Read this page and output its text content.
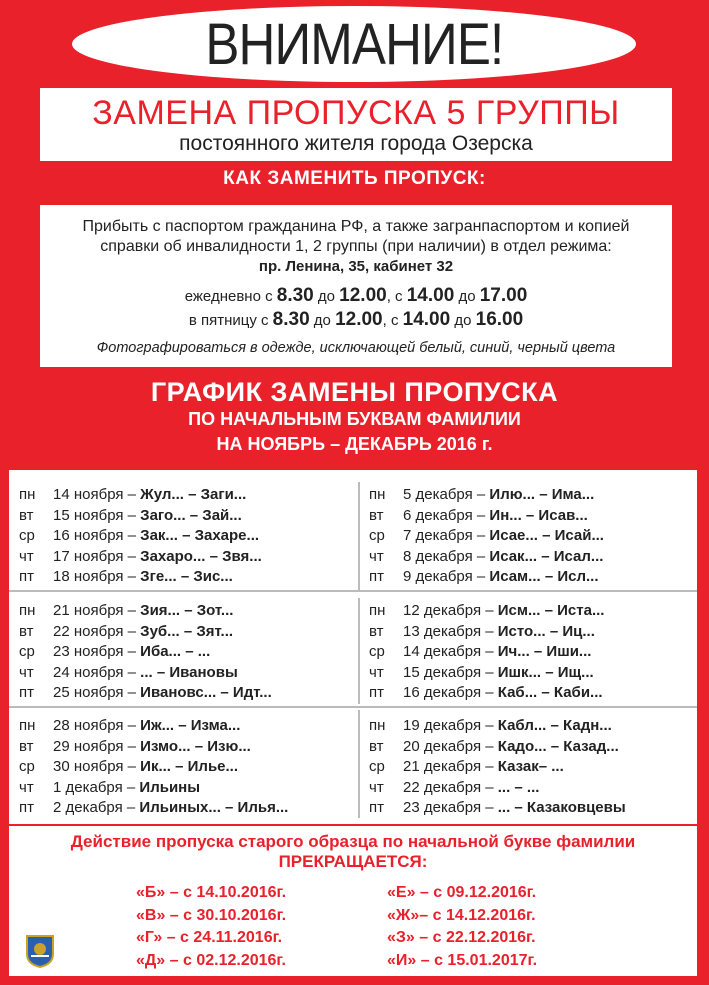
ВНИМАНИЕ!
ЗАМЕНА ПРОПУСКА 5 ГРУППЫ
постоянного жителя города Озерска
КАК ЗАМЕНИТЬ ПРОПУСК:
Прибыть с паспортом гражданина РФ, а также загранпаспортом и копией
справки об инвалидности 1, 2 группы (при наличии) в отдел режима:
пр. Ленина, 35, кабинет 32
ежедневно с 8.30 до 12.00, с 14.00 до 17.00
в пятницу с 8.30 до 12.00, с 14.00 до 16.00
Фотографироваться в одежде, исключающей белый, синий, черный цвета
ГРАФИК ЗАМЕНЫ ПРОПУСКА
ПО НАЧАЛЬНЫМ БУКВАМ ФАМИЛИИ
НА НОЯБРЬ – ДЕКАБРЬ 2016 г.
пн 14 ноября – Жул... – Заги...
вт 15 ноября – Заго... – Зай...
ср 16 ноября – Зак... – Захаре...
чт 17 ноября – Захаро... – Звя...
пт 18 ноября – Зге... – Зис...
пн 5 декабря – Илю... – Има...
вт 6 декабря – Ин... – Исав...
ср 7 декабря – Исае... – Исай...
чт 8 декабря – Исак... – Исал...
пт 9 декабря – Исам... – Исл...
пн 21 ноября – Зия... – Зот...
вт 22 ноября – Зуб... – Зят...
ср 23 ноября – Иба... – ...
чт 24 ноября – ... – Ивановы
пт 25 ноября – Ивановс... – Идт...
пн 12 декабря – Исм... – Иста...
вт 13 декабря – Исто... – Иц...
ср 14 декабря – Ич... – Иши...
чт 15 декабря – Ишк... – Ищ...
пт 16 декабря – Каб... – Каби...
пн 28 ноября – Иж... – Изма...
вт 29 ноября – Измо... – Изю...
ср 30 ноября – Ик... – Илье...
чт 1 декабря – Ильины
пт 2 декабря – Ильиных... – Илья...
пн 19 декабря – Кабл... – Кадн...
вт 20 декабря – Кадо... – Казад...
ср 21 декабря – Казак– ...
чт 22 декабря – ... – ...
пт 23 декабря – ... – Казаковцевы
Действие пропуска старого образца по начальной букве фамилии
ПРЕКРАЩАЕТСЯ:
«Б» – с 14.10.2016г.
«В» – с 30.10.2016г.
«Г» – с 24.11.2016г.
«Д» – с 02.12.2016г.
«Е» – с 09.12.2016г.
«Ж»– с 14.12.2016г.
«З» – с 22.12.2016г.
«И» – с 15.01.2017г.
